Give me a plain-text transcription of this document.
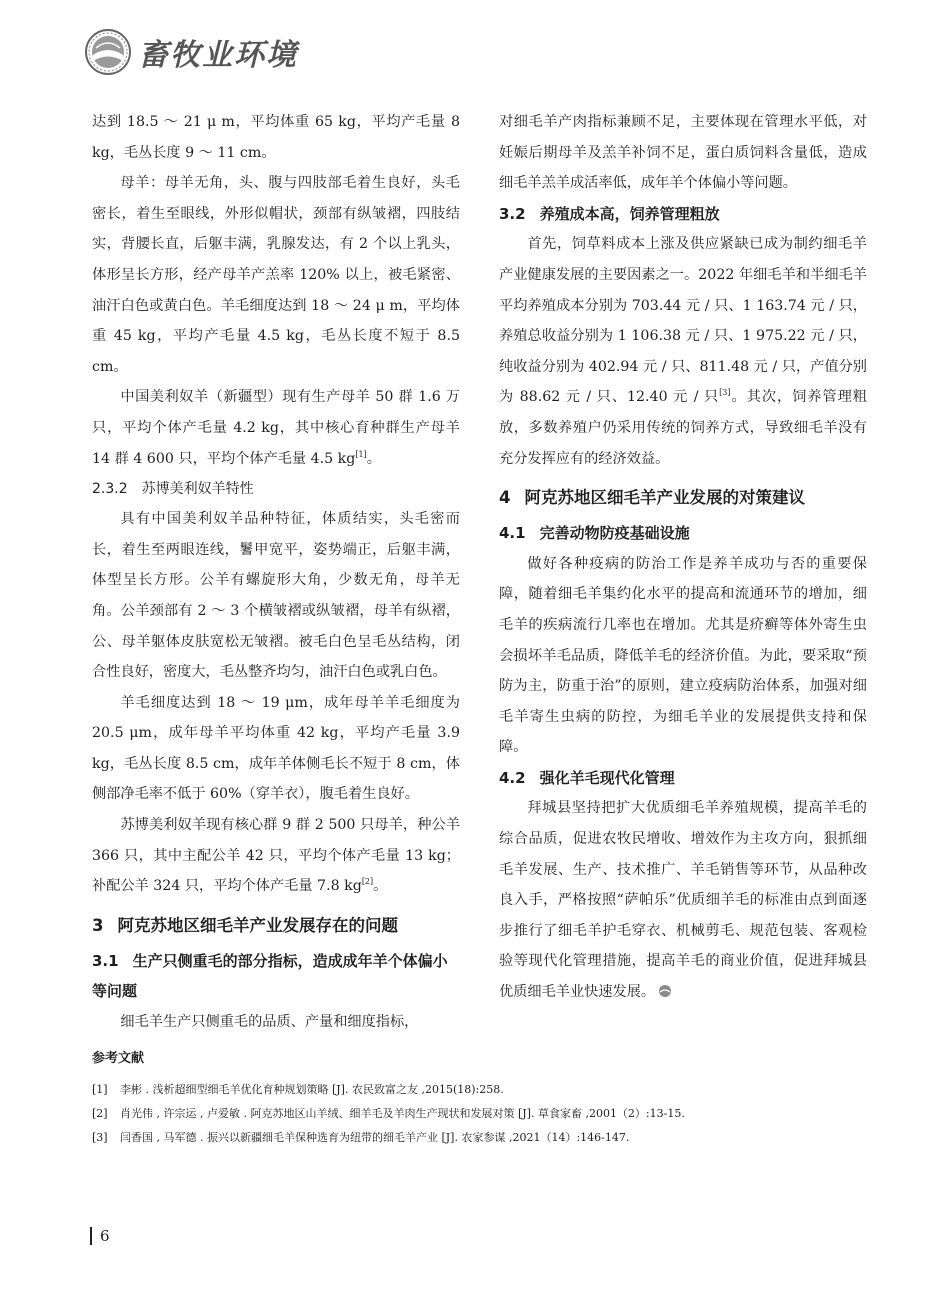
畜牧业环境

达到 18.5 ～ 21 μ m，平均体重 65 kg，平均产毛量 8 kg，毛丛长度 9 ～ 11 cm。

母羊：母羊无角，头、腹与四肢部毛着生良好，头毛密长，着生至眼线，外形似帽状，颈部有纵皱褶，四肢结实，背腰长直，后躯丰满，乳腺发达，有 2 个以上乳头，体形呈长方形，经产母羊产羔率 120% 以上，被毛紧密、油汗白色或黄白色。羊毛细度达到 18 ～ 24 μ m，平均体重 45 kg，平均产毛量 4.5 kg，毛丛长度不短于 8.5 cm。

中国美利奴羊（新疆型）现有生产母羊 50 群 1.6 万只，平均个体产毛量 4.2 kg，其中核心育种群生产母羊 14 群 4 600 只，平均个体产毛量 4.5 kg[1]。

2.3.2　苏博美利奴羊特性

具有中国美利奴羊品种特征，体质结实，头毛密而长，着生至两眼连线，鬐甲宽平，姿势端正，后躯丰满，体型呈长方形。公羊有螺旋形大角，少数无角，母羊无角。公羊颈部有 2 ～ 3 个横皱褶或纵皱褶，母羊有纵褶，公、母羊躯体皮肤宽松无皱褶。被毛白色呈毛丛结构，闭合性良好，密度大，毛丛整齐均匀，油汗白色或乳白色。

羊毛细度达到 18 ～ 19 μm，成年母羊羊毛细度为 20.5 μm，成年母羊平均体重 42 kg，平均产毛量 3.9 kg，毛丛长度 8.5 cm，成年羊体侧毛长不短于 8 cm，体侧部净毛率不低于 60%（穿羊衣），腹毛着生良好。

苏博美利奴羊现有核心群 9 群 2 500 只母羊，种公羊 366 只，其中主配公羊 42 只，平均个体产毛量 13 kg；补配公羊 324 只，平均个体产毛量 7.8 kg[2]。

3 阿克苏地区细毛羊产业发展存在的问题
3.1 生产只侧重毛的部分指标，造成成年羊个体偏小等问题

细毛羊生产只侧重毛的品质、产量和细度指标，

对细毛羊产肉指标兼顾不足，主要体现在管理水平低，对妊娠后期母羊及羔羊补饲不足，蛋白质饲料含量低，造成细毛羊羔羊成活率低，成年羊个体偏小等问题。

3.2 养殖成本高，饲养管理粗放

首先，饲草料成本上涨及供应紧缺已成为制约细毛羊产业健康发展的主要因素之一。2022 年细毛羊和半细毛羊平均养殖成本分别为 703.44 元 / 只、1 163.74 元 / 只，养殖总收益分别为 1 106.38 元 / 只、1 975.22 元 / 只，纯收益分别为 402.94 元 / 只、811.48 元 / 只，产值分别为 88.62 元 / 只、12.40 元 / 只[3]。其次，饲养管理粗放，多数养殖户仍采用传统的饲养方式，导致细毛羊没有充分发挥应有的经济效益。

4 阿克苏地区细毛羊产业发展的对策建议
4.1 完善动物防疫基础设施

做好各种疫病的防治工作是养羊成功与否的重要保障，随着细毛羊集约化水平的提高和流通环节的增加，细毛羊的疾病流行几率也在增加。尤其是疥癣等体外寄生虫会损坏羊毛品质，降低羊毛的经济价值。为此，要采取“预防为主，防重于治”的原则，建立疫病防治体系，加强对细毛羊寄生虫病的防控，为细毛羊业的发展提供支持和保障。

4.2 强化羊毛现代化管理

拜城县坚持把扩大优质细毛羊养殖规模，提高羊毛的综合品质，促进农牧民增收、增效作为主攻方向，狠抓细毛羊发展、生产、技术推广、羊毛销售等环节，从品种改良入手，严格按照“萨帕乐”优质细羊毛的标准由点到面逐步推行了细毛羊护毛穿衣、机械剪毛、规范包装、客观检验等现代化管理措施，提高羊毛的商业价值，促进拜城县优质细毛羊业快速发展。

参考文献
[1]	李彬 . 浅析超细型细毛羊优化育种规划策略 [J]. 农民致富之友 ,2015(18):258.
[2]	肖光伟 , 许宗运 , 卢爱敏 . 阿克苏地区山羊绒、细羊毛及羊肉生产现状和发展对策 [J]. 草食家畜 ,2001（2）:13-15.
[3]	闫香国 , 马军德 . 振兴以新疆细毛羊保种选育为纽带的细毛羊产业 [J]. 农家参谋 ,2021（14）:146-147.
6
